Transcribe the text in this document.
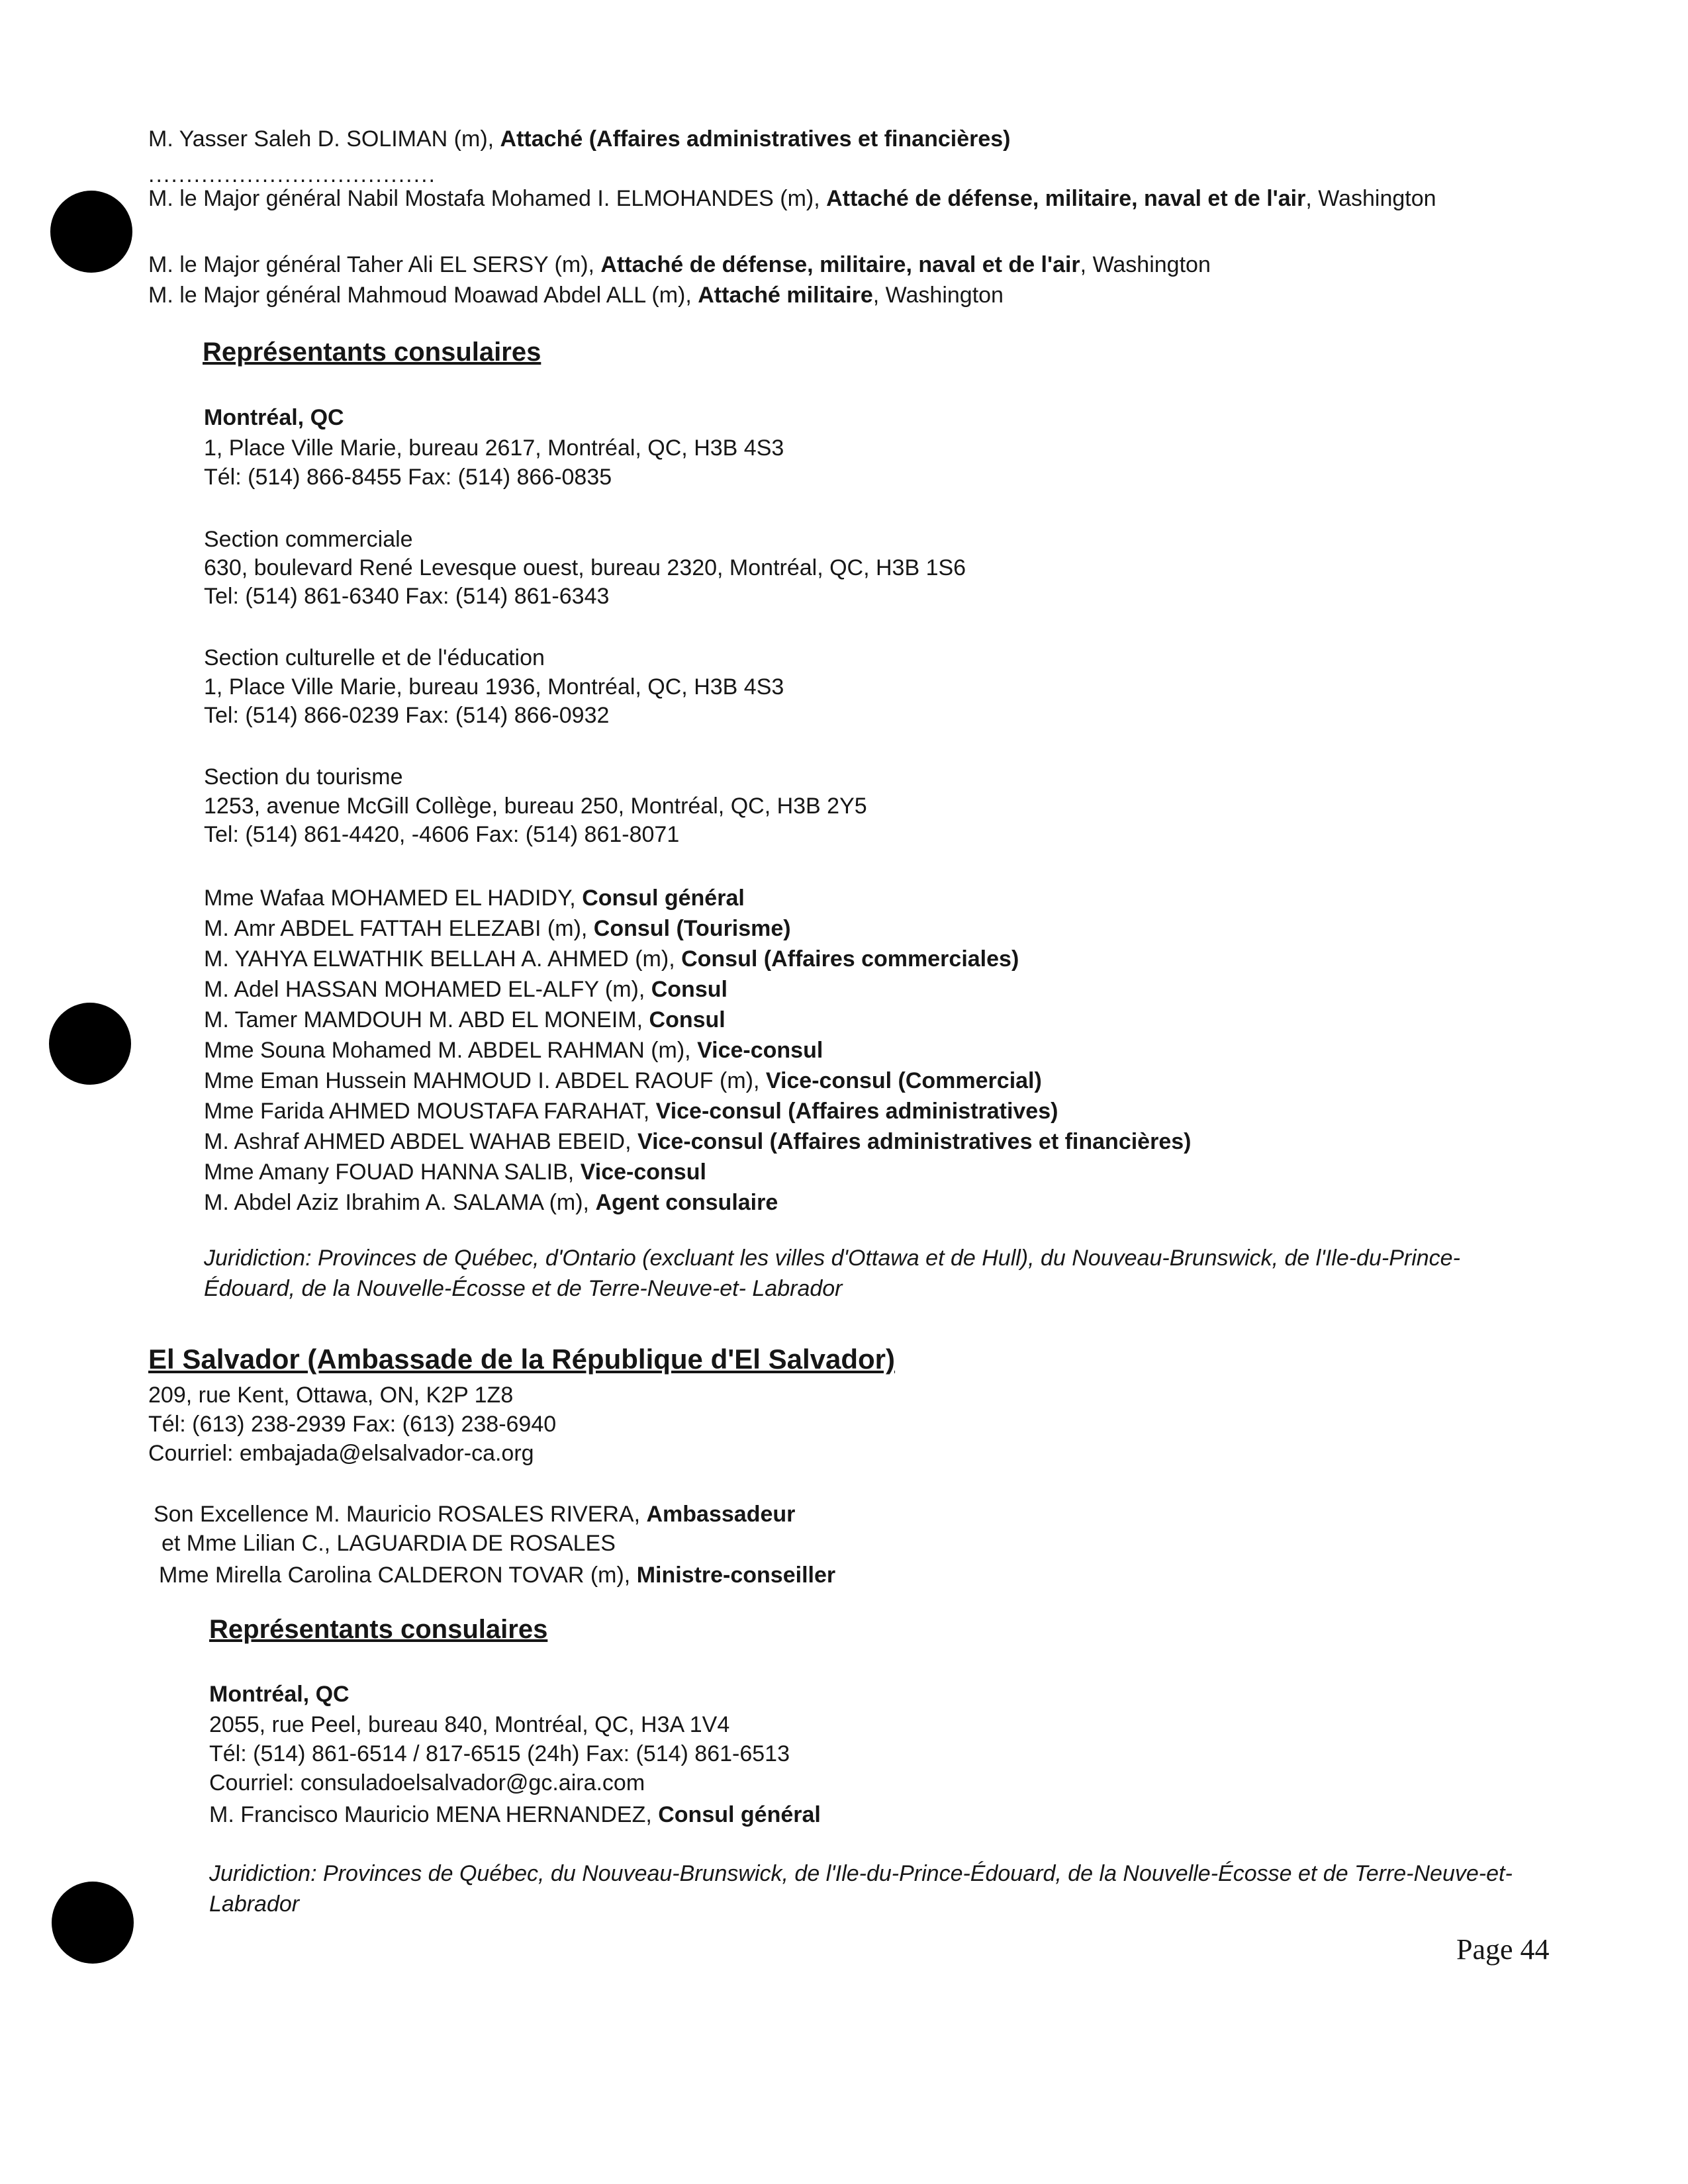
M. Yasser Saleh D. SOLIMAN (m), Attaché (Affaires administratives et financières)
......................................
M. le Major général Nabil Mostafa Mohamed I. ELMOHANDES (m), Attaché de défense, militaire, naval et de l'air, Washington
M. le Major général Taher Ali EL SERSY (m), Attaché de défense, militaire, naval et de l'air, Washington
M. le Major général Mahmoud Moawad Abdel ALL (m), Attaché militaire, Washington
Représentants consulaires
Montréal, QC
1, Place Ville Marie, bureau 2617, Montréal, QC, H3B 4S3
Tél: (514) 866-8455 Fax: (514) 866-0835
Section commerciale
630, boulevard René Levesque ouest, bureau 2320, Montréal, QC, H3B 1S6
Tel: (514) 861-6340 Fax: (514) 861-6343
Section culturelle et de l'éducation
1, Place Ville Marie, bureau 1936, Montréal, QC, H3B 4S3
Tel: (514) 866-0239 Fax: (514) 866-0932
Section du tourisme
1253, avenue McGill Collège, bureau 250, Montréal, QC, H3B 2Y5
Tel: (514) 861-4420, -4606 Fax: (514) 861-8071
Mme Wafaa MOHAMED EL HADIDY, Consul général
M. Amr ABDEL FATTAH ELEZABI (m), Consul (Tourisme)
M. YAHYA ELWATHIK BELLAH A. AHMED (m), Consul (Affaires commerciales)
M. Adel HASSAN MOHAMED EL-ALFY (m), Consul
M. Tamer MAMDOUH M. ABD EL MONEIM, Consul
Mme Souna Mohamed M. ABDEL RAHMAN (m), Vice-consul
Mme Eman Hussein MAHMOUD I. ABDEL RAOUF (m), Vice-consul (Commercial)
Mme Farida AHMED MOUSTAFA FARAHAT, Vice-consul (Affaires administratives)
M. Ashraf AHMED ABDEL WAHAB EBEID, Vice-consul (Affaires administratives et financières)
Mme Amany FOUAD HANNA SALIB, Vice-consul
M. Abdel Aziz Ibrahim A. SALAMA (m), Agent consulaire
Juridiction: Provinces de Québec, d'Ontario (excluant les villes d'Ottawa et de Hull), du Nouveau-Brunswick, de l'Ile-du-Prince-Édouard, de la Nouvelle-Écosse et de Terre-Neuve-et- Labrador
El Salvador (Ambassade de la République d'El Salvador)
209, rue Kent, Ottawa, ON, K2P 1Z8
Tél: (613) 238-2939 Fax: (613) 238-6940
Courriel: embajada@elsalvador-ca.org
Son Excellence M. Mauricio ROSALES RIVERA, Ambassadeur
et Mme Lilian C., LAGUARDIA DE ROSALES
Mme Mirella Carolina CALDERON TOVAR (m), Ministre-conseiller
Représentants consulaires
Montréal, QC
2055, rue Peel, bureau 840, Montréal, QC, H3A 1V4
Tél: (514) 861-6514 / 817-6515 (24h) Fax: (514) 861-6513
Courriel: consuladoelsalvador@gc.aira.com
M. Francisco Mauricio MENA HERNANDEZ, Consul général
Juridiction: Provinces de Québec, du Nouveau-Brunswick, de l'Ile-du-Prince-Édouard, de la Nouvelle-Écosse et de Terre-Neuve-et- Labrador
Page 44
